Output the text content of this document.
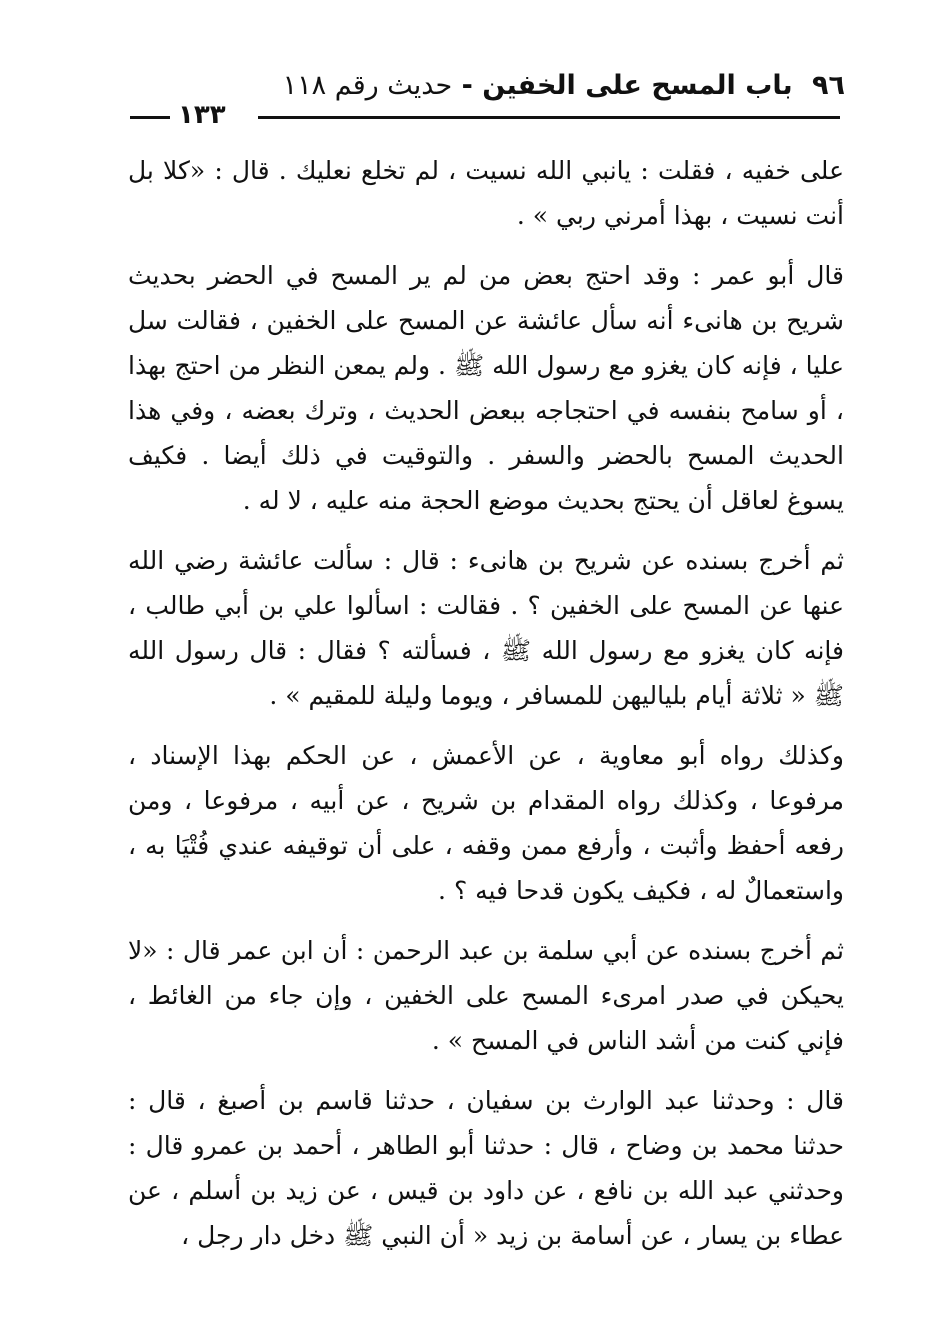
٩٦ باب المسح على الخفين - حديث رقم ١١٨
١٣٣

على خفيه ، فقلت : يانبي الله نسيت ، لم تخلع نعليك . قال : «كلا بل أنت نسيت ، بهذا أمرني ربي » .

قال أبو عمر : وقد احتج بعض من لم ير المسح في الحضر بحديث شريح بن هانىء أنه سأل عائشة عن المسح على الخفين ، فقالت سل عليا ، فإنه كان يغزو مع رسول الله ﷺ . ولم يمعن النظر من احتج بهذا ، أو سامح بنفسه في احتجاجه ببعض الحديث ، وترك بعضه ، وفي هذا الحديث المسح بالحضر والسفر . والتوقيت في ذلك أيضا . فكيف يسوغ لعاقل أن يحتج بحديث موضع الحجة منه عليه ، لا له .

ثم أخرج بسنده عن شريح بن هانىء : قال : سألت عائشة رضي الله عنها عن المسح على الخفين ؟ . فقالت : اسألوا علي بن أبي طالب ، فإنه كان يغزو مع رسول الله ﷺ ، فسألته ؟ فقال : قال رسول الله ﷺ « ثلاثة أيام بلياليهن للمسافر ، ويوما وليلة للمقيم » .

وكذلك رواه أبو معاوية ، عن الأعمش ، عن الحكم بهذا الإسناد ، مرفوعا ، وكذلك رواه المقدام بن شريح ، عن أبيه ، مرفوعا ، ومن رفعه أحفظ وأثبت ، وأرفع ممن وقفه ، على أن توقيفه عندي فُتْيَا به ، واستعمالٌ له ، فكيف يكون قدحا فيه ؟ .

ثم أخرج بسنده عن أبي سلمة بن عبد الرحمن : أن ابن عمر قال : «لا يحيكن في صدر امرىء المسح على الخفين ، وإن جاء من الغائط ، فإني كنت من أشد الناس في المسح » .

قال : وحدثنا عبد الوارث بن سفيان ، حدثنا قاسم بن أصبغ ، قال : حدثنا محمد بن وضاح ، قال : حدثنا أبو الطاهر ، أحمد بن عمرو قال : وحدثني عبد الله بن نافع ، عن داود بن قيس ، عن زيد بن أسلم ، عن عطاء بن يسار ، عن أسامة بن زيد « أن النبي ﷺ دخل دار رجل ،
